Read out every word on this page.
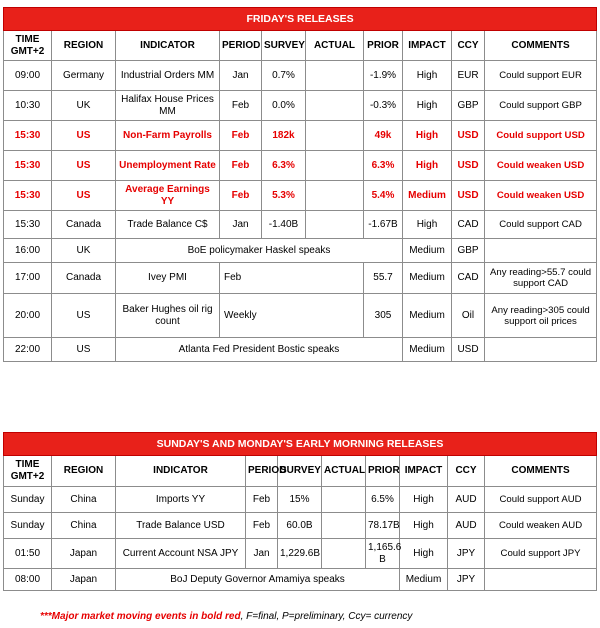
FRIDAY'S RELEASES									
TIME GMT+2	REGION	INDICATOR	PERIOD	SURVEY	ACTUAL	PRIOR	IMPACT	CCY	COMMENTS
09:00	Germany	Industrial Orders MM	Jan	0.7%		-1.9%	High	EUR	Could support EUR
10:30	UK	Halifax House Prices MM	Feb	0.0%		-0.3%	High	GBP	Could support GBP
15:30	US	Non-Farm Payrolls	Feb	182k		49k	High	USD	Could support USD
15:30	US	Unemployment Rate	Feb	6.3%		6.3%	High	USD	Could weaken USD
15:30	US	Average Earnings YY	Feb	5.3%		5.4%	Medium	USD	Could weaken USD
15:30	Canada	Trade Balance C$	Jan	-1.40B		-1.67B	High	CAD	Could support CAD
16:00	UK	BoE policymaker Haskel speaks					Medium	GBP	
17:00	Canada	Ivey PMI	Feb			55.7	Medium	CAD	Any reading>55.7 could support CAD
20:00	US	Baker Hughes oil rig count	Weekly			305	Medium	Oil	Any reading>305 could support oil prices
22:00	US	Atlanta Fed President Bostic speaks					Medium	USD	
SUNDAY'S AND MONDAY'S EARLY MORNING RELEASES									
TIME GMT+2	REGION	INDICATOR	PERIOD	SURVEY	ACTUAL	PRIOR	IMPACT	CCY	COMMENTS
Sunday	China	Imports YY	Feb	15%		6.5%	High	AUD	Could support AUD
Sunday	China	Trade Balance USD	Feb	60.0B		78.17B	High	AUD	Could weaken AUD
01:50	Japan	Current Account NSA JPY	Jan	1,229.6B		1,165.6 B	High	JPY	Could support JPY
08:00	Japan	BoJ Deputy Governor Amamiya speaks					Medium	JPY	
***Major market moving events in bold red, F=final, P=preliminary, Ccy= currency
